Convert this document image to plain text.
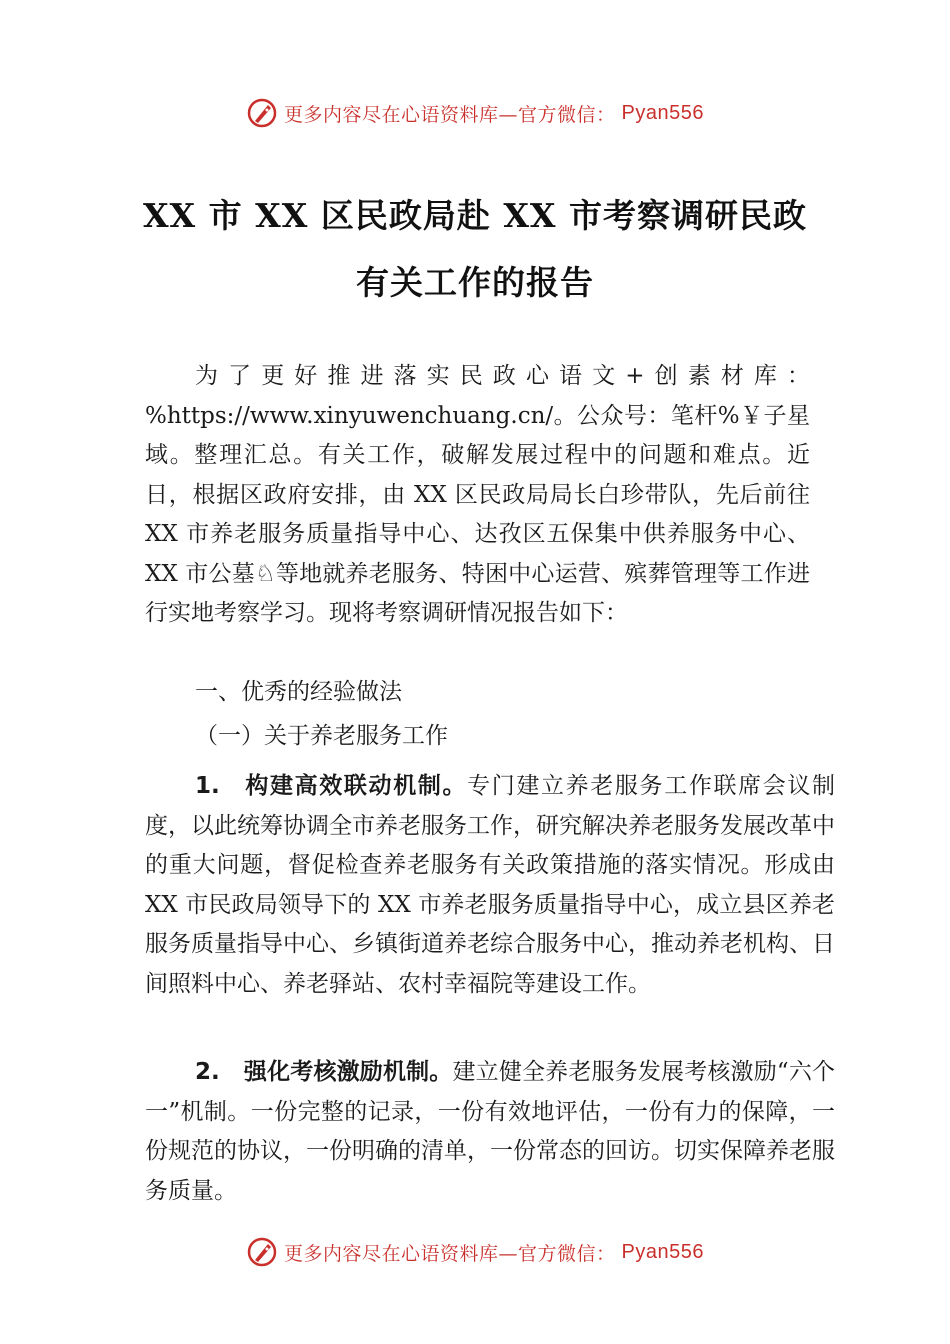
更多内容尽在心语资料库—官方微信： Pyan556
XX 市 XX 区民政局赴 XX 市考察调研民政
有关工作的报告

为了更好推进落实民政心语文+创素材库：%https://www.xinyuwenchuang.cn/。公众号：笔杆%￥子星域。整理汇总。有关工作，破解发展过程中的问题和难点。近日，根据区政府安排，由 XX 区民政局局长白珍带队，先后前往 XX 市养老服务质量指导中心、达孜区五保集中供养服务中心、XX 市公墓♘等地就养老服务、特困中心运营、殡葬管理等工作进行实地考察学习。现将考察调研情况报告如下：

一、优秀的经验做法
（一）关于养老服务工作

1. 构建高效联动机制。专门建立养老服务工作联席会议制度，以此统筹协调全市养老服务工作，研究解决养老服务发展改革中的重大问题，督促检查养老服务有关政策措施的落实情况。形成由 XX 市民政局领导下的 XX 市养老服务质量指导中心，成立县区养老服务质量指导中心、乡镇街道养老综合服务中心，推动养老机构、日间照料中心、养老驿站、农村幸福院等建设工作。

2. 强化考核激励机制。建立健全养老服务发展考核激励“六个一”机制。一份完整的记录，一份有效地评估，一份有力的保障，一份规范的协议，一份明确的清单，一份常态的回访。切实保障养老服务质量。

更多内容尽在心语资料库—官方微信： Pyan556
